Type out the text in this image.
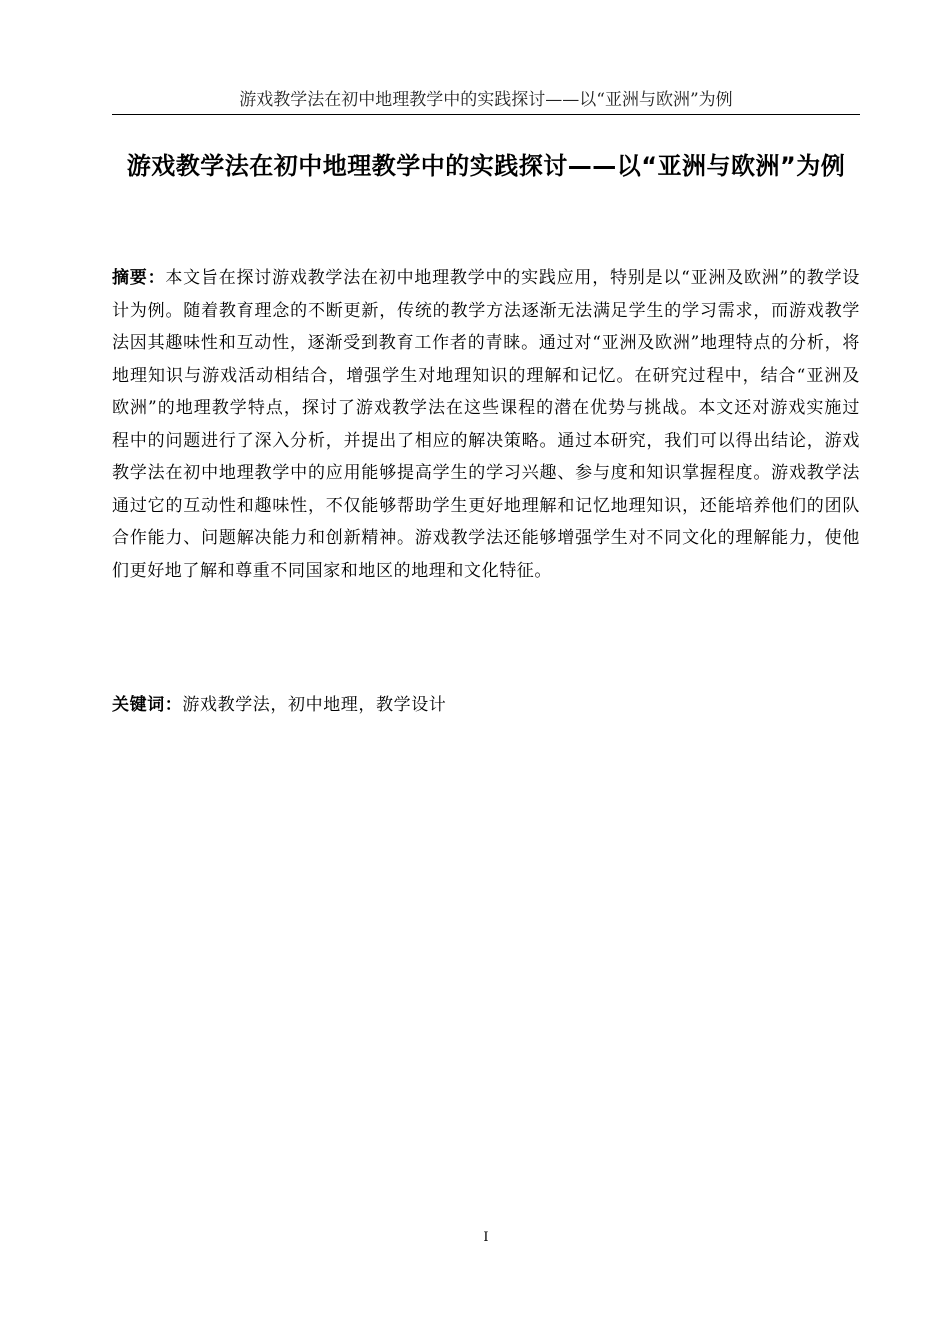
游戏教学法在初中地理教学中的实践探讨——以“亚洲与欧洲”为例
游戏教学法在初中地理教学中的实践探讨——以“亚洲与欧洲”为例
摘要：本文旨在探讨游戏教学法在初中地理教学中的实践应用，特别是以“亚洲及欧洲”的教学设计为例。随着教育理念的不断更新，传统的教学方法逐渐无法满足学生的学习需求，而游戏教学法因其趣味性和互动性，逐渐受到教育工作者的青睐。通过对“亚洲及欧洲”地理特点的分析，将地理知识与游戏活动相结合，增强学生对地理知识的理解和记忆。在研究过程中，结合“亚洲及欧洲”的地理教学特点，探讨了游戏教学法在这些课程的潜在优势与挑战。本文还对游戏实施过程中的问题进行了深入分析，并提出了相应的解决策略。通过本研究，我们可以得出结论，游戏教学法在初中地理教学中的应用能够提高学生的学习兴趣、参与度和知识掌握程度。游戏教学法通过它的互动性和趣味性，不仅能够帮助学生更好地理解和记忆地理知识，还能培养他们的团队合作能力、问题解决能力和创新精神。游戏教学法还能够增强学生对不同文化的理解能力，使他们更好地了解和尊重不同国家和地区的地理和文化特征。
关键词：游戏教学法，初中地理，教学设计
I
